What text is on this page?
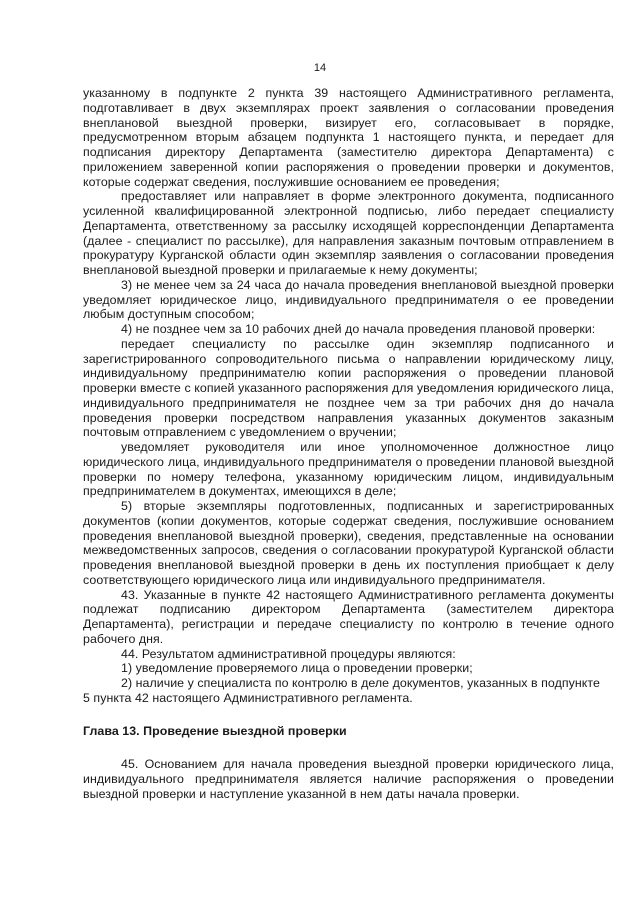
14

указанному в подпункте 2 пункта 39 настоящего Административного регламента, подготавливает в двух экземплярах проект заявления о согласовании проведения внеплановой выездной проверки, визирует его, согласовывает в порядке, предусмотренном вторым абзацем подпункта 1 настоящего пункта, и передает для подписания директору Департамента (заместителю директора Департамента) с приложением заверенной копии распоряжения о проведении проверки и документов, которые содержат сведения, послужившие основанием ее проведения;

предоставляет или направляет в форме электронного документа, подписанного усиленной квалифицированной электронной подписью, либо передает специалисту Департамента, ответственному за рассылку исходящей корреспонденции Департамента (далее - специалист по рассылке), для направления заказным почтовым отправлением в прокуратуру Курганской области один экземпляр заявления о согласовании проведения внеплановой выездной проверки и прилагаемые к нему документы;

3) не менее чем за 24 часа до начала проведения внеплановой выездной проверки уведомляет юридическое лицо, индивидуального предпринимателя о ее проведении любым доступным способом;

4) не позднее чем за 10 рабочих дней до начала проведения плановой проверки:

передает специалисту по рассылке один экземпляр подписанного и зарегистрированного сопроводительного письма о направлении юридическому лицу, индивидуальному предпринимателю копии распоряжения о проведении плановой проверки вместе с копией указанного распоряжения для уведомления юридического лица, индивидуального предпринимателя не позднее чем за три рабочих дня до начала проведения проверки посредством направления указанных документов заказным почтовым отправлением с уведомлением о вручении;

уведомляет руководителя или иное уполномоченное должностное лицо юридического лица, индивидуального предпринимателя о проведении плановой выездной проверки по номеру телефона, указанному юридическим лицом, индивидуальным предпринимателем в документах, имеющихся в деле;

5) вторые экземпляры подготовленных, подписанных и зарегистрированных документов (копии документов, которые содержат сведения, послужившие основанием проведения внеплановой выездной проверки), сведения, представленные на основании межведомственных запросов, сведения о согласовании прокуратурой Курганской области проведения внеплановой выездной проверки в день их поступления приобщает к делу соответствующего юридического лица или индивидуального предпринимателя.

43. Указанные в пункте 42 настоящего Административного регламента документы подлежат подписанию директором Департамента (заместителем директора Департамента), регистрации и передаче специалисту по контролю в течение одного рабочего дня.

44. Результатом административной процедуры являются:

1) уведомление проверяемого лица о проведении проверки;

2) наличие у специалиста по контролю в деле документов, указанных в подпункте

5 пункта 42 настоящего Административного регламента.

Глава 13. Проведение выездной проверки

45. Основанием для начала проведения выездной проверки юридического лица, индивидуального предпринимателя является наличие распоряжения о проведении выездной проверки и наступление указанной в нем даты начала проверки.
